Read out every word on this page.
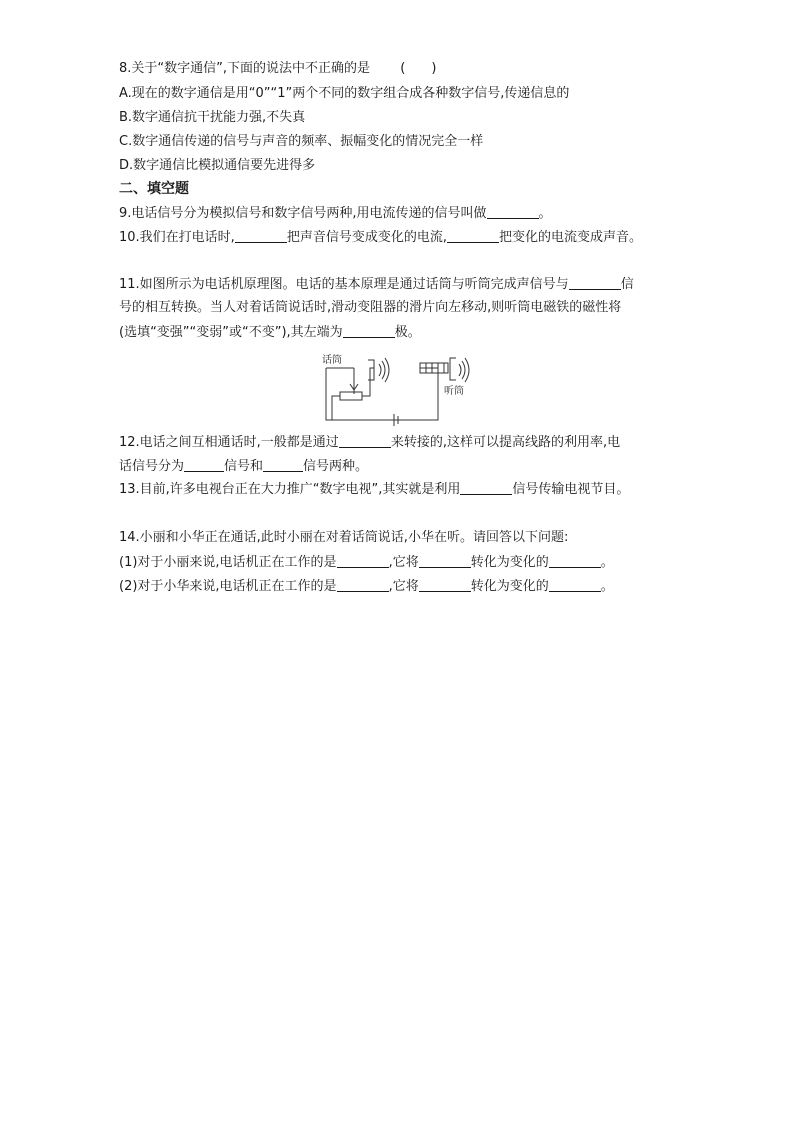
8.关于“数字通信”,下面的说法中不正确的是 (　　)
A.现在的数字通信是用“0”“1”两个不同的数字组合成各种数字信号,传递信息的
B.数字通信抗干扰能力强,不失真
C.数字通信传递的信号与声音的频率、振幅变化的情况完全一样
D.数字通信比模拟通信要先进得多
二、填空题
9.电话信号分为模拟信号和数字信号两种,用电流传递的信号叫做	。
10.我们在打电话时,	把声音信号变成变化的电流,	把变化的电流变成声音。
11.如图所示为电话机原理图。电话的基本原理是通过话筒与听筒完成声信号与	信
号的相互转换。当人对着话筒说话时,滑动变阻器的滑片向左移动,则听筒电磁铁的磁性将
(选填“变强”“变弱”或“不变”),其左端为	极。
话筒
听筒
12.电话之间互相通话时,一般都是通过	来转接的,这样可以提高线路的利用率,电
话信号分为	信号和	信号两种。
13.目前,许多电视台正在大力推广“数字电视”,其实就是利用	信号传输电视节目。
14.小丽和小华正在通话,此时小丽在对着话筒说话,小华在听。请回答以下问题:
(1)对于小丽来说,电话机正在工作的是	,它将	转化为变化的	。
(2)对于小华来说,电话机正在工作的是	,它将	转化为变化的	。
